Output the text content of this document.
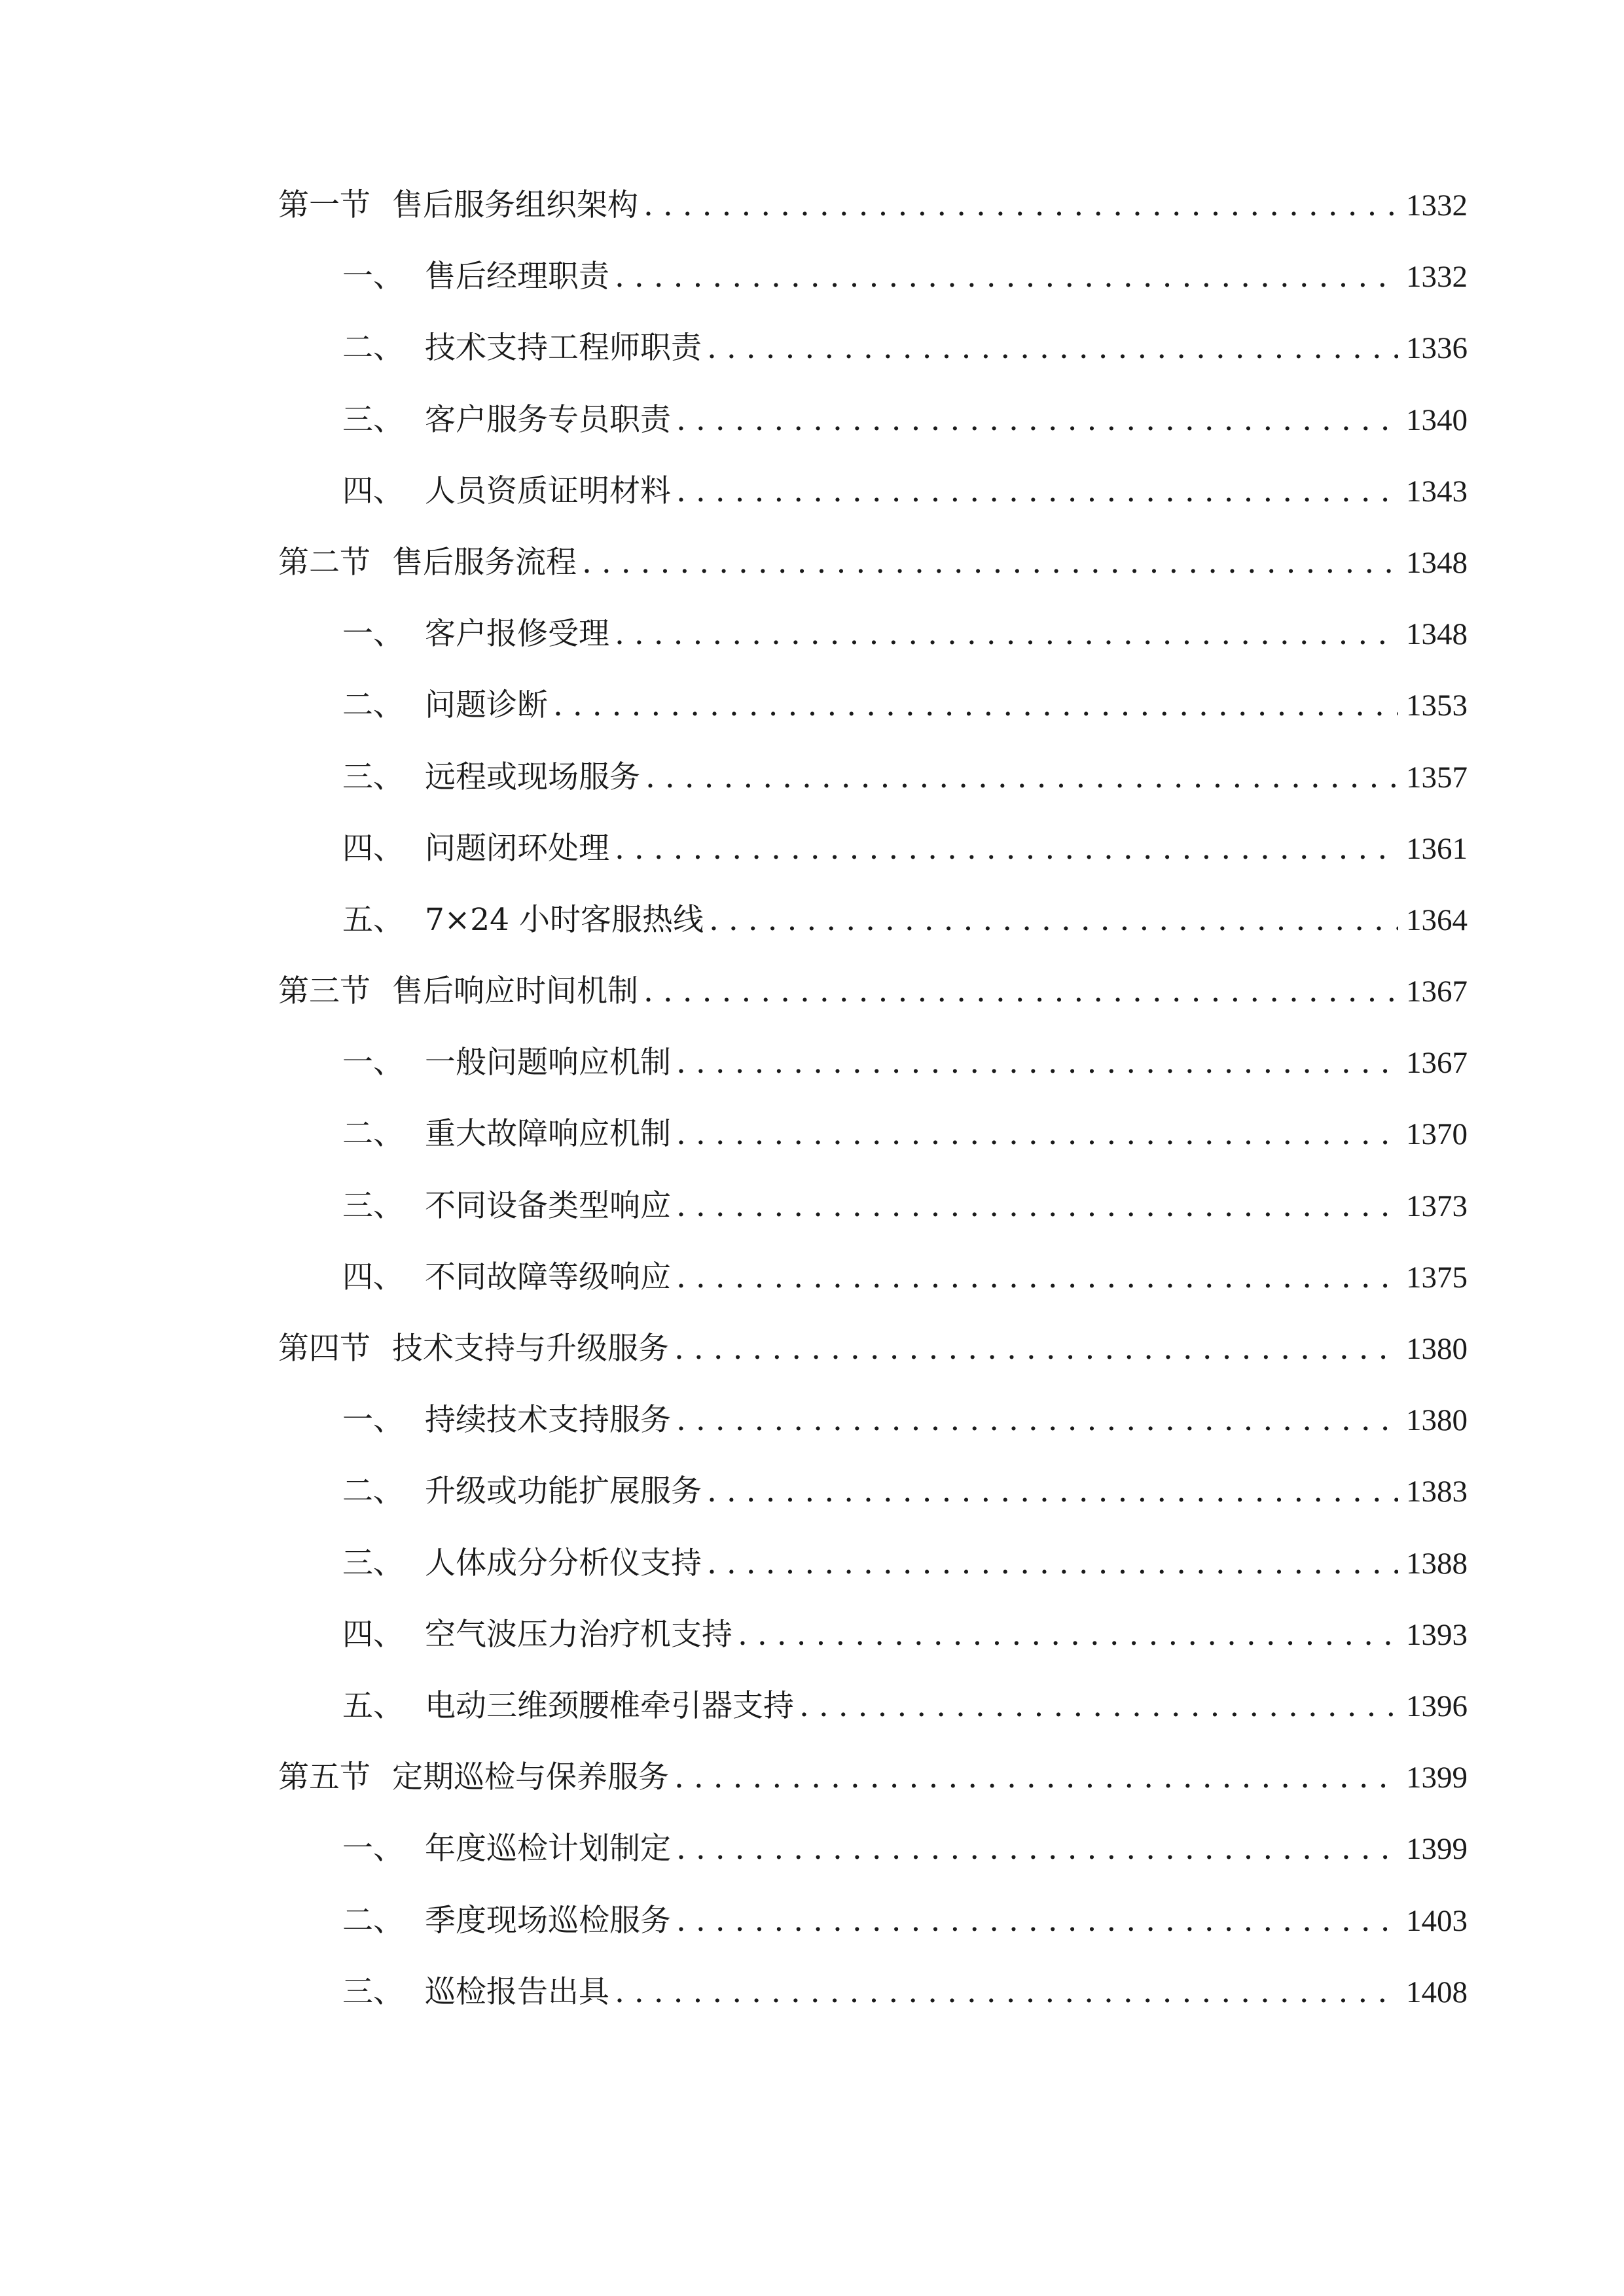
第一节 售后服务组织架构 . . .	1332
一、 售后经理职责 . . .	1332
二、 技术支持工程师职责 . . .	1336
三、 客户服务专员职责 . . .	1340
四、 人员资质证明材料 . . .	1343
第二节 售后服务流程 . . .	1348
一、 客户报修受理 . . .	1348
二、 问题诊断 . . .	1353
三、 远程或现场服务 . . .	1357
四、 问题闭环处理 . . .	1361
五、 7×24 小时客服热线 . . .	1364
第三节 售后响应时间机制 . . .	1367
一、 一般问题响应机制 . . .	1367
二、 重大故障响应机制 . . .	1370
三、 不同设备类型响应 . . .	1373
四、 不同故障等级响应 . . .	1375
第四节 技术支持与升级服务 . . .	1380
一、 持续技术支持服务 . . .	1380
二、 升级或功能扩展服务 . . .	1383
三、 人体成分分析仪支持 . . .	1388
四、 空气波压力治疗机支持 . . .	1393
五、 电动三维颈腰椎牵引器支持 . . .	1396
第五节 定期巡检与保养服务 . . .	1399
一、 年度巡检计划制定 . . .	1399
二、 季度现场巡检服务 . . .	1403
三、 巡检报告出具 . . .	1408
